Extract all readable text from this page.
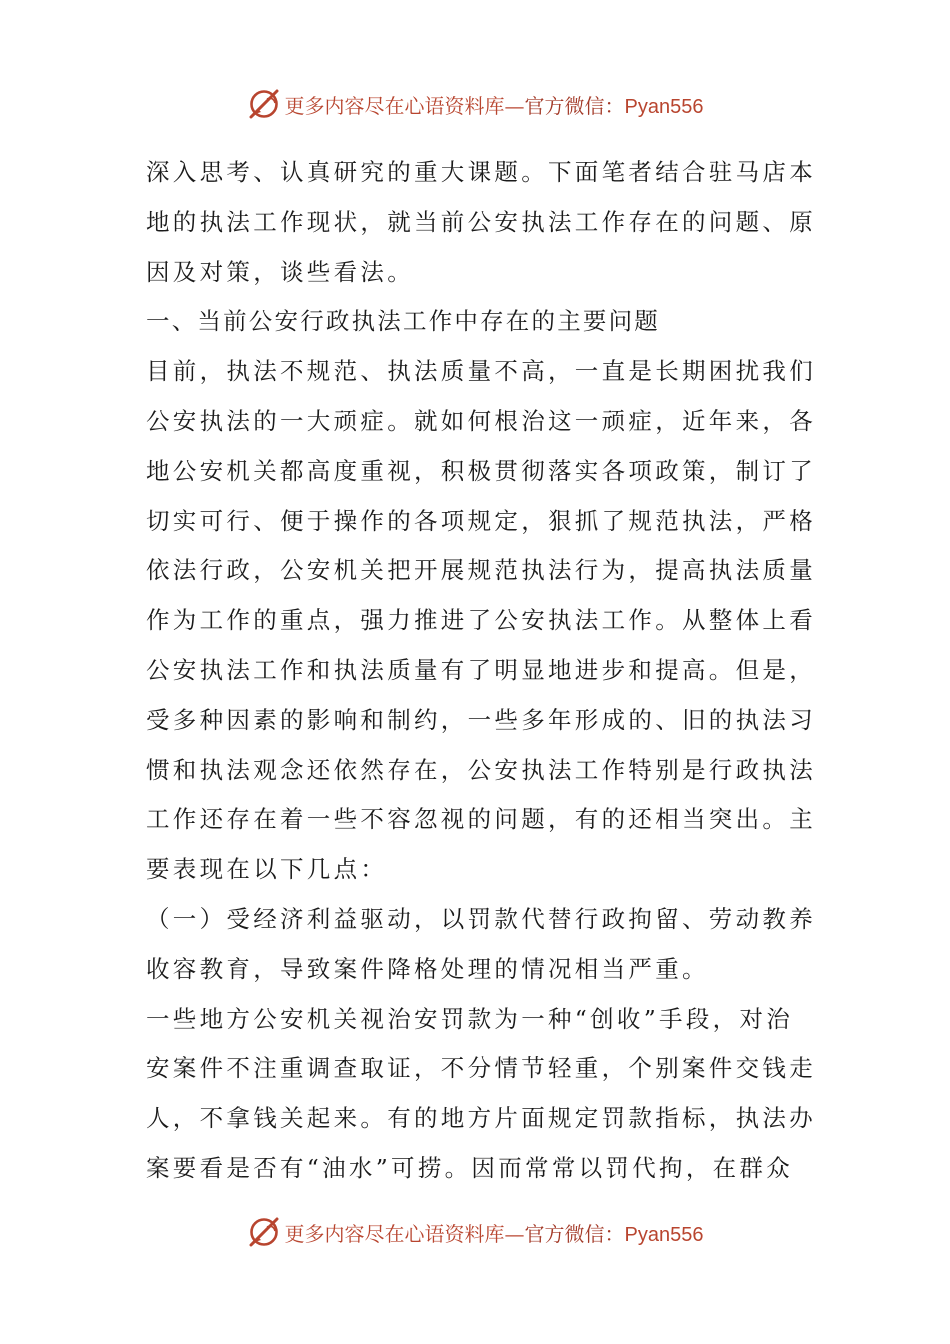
更多内容尽在心语资料库—官方微信：Pyan556
深入思考、认真研究的重大课题。下面笔者结合驻马店本
地的执法工作现状，就当前公安执法工作存在的问题、原
因及对策，谈些看法。
一、当前公安行政执法工作中存在的主要问题
目前，执法不规范、执法质量不高，一直是长期困扰我们
公安执法的一大顽症。就如何根治这一顽症，近年来，各
地公安机关都高度重视，积极贯彻落实各项政策，制订了
切实可行、便于操作的各项规定，狠抓了规范执法，严格
依法行政，公安机关把开展规范执法行为，提高执法质量
作为工作的重点，强力推进了公安执法工作。从整体上看
公安执法工作和执法质量有了明显地进步和提高。但是，
受多种因素的影响和制约，一些多年形成的、旧的执法习
惯和执法观念还依然存在，公安执法工作特别是行政执法
工作还存在着一些不容忽视的问题，有的还相当突出。主
要表现在以下几点：
（一）受经济利益驱动，以罚款代替行政拘留、劳动教养
收容教育，导致案件降格处理的情况相当严重。
一些地方公安机关视治安罚款为一种“创收”手段，对治
安案件不注重调查取证，不分情节轻重，个别案件交钱走
人，不拿钱关起来。有的地方片面规定罚款指标，执法办
案要看是否有“油水”可捞。因而常常以罚代拘，在群众
更多内容尽在心语资料库—官方微信：Pyan556
